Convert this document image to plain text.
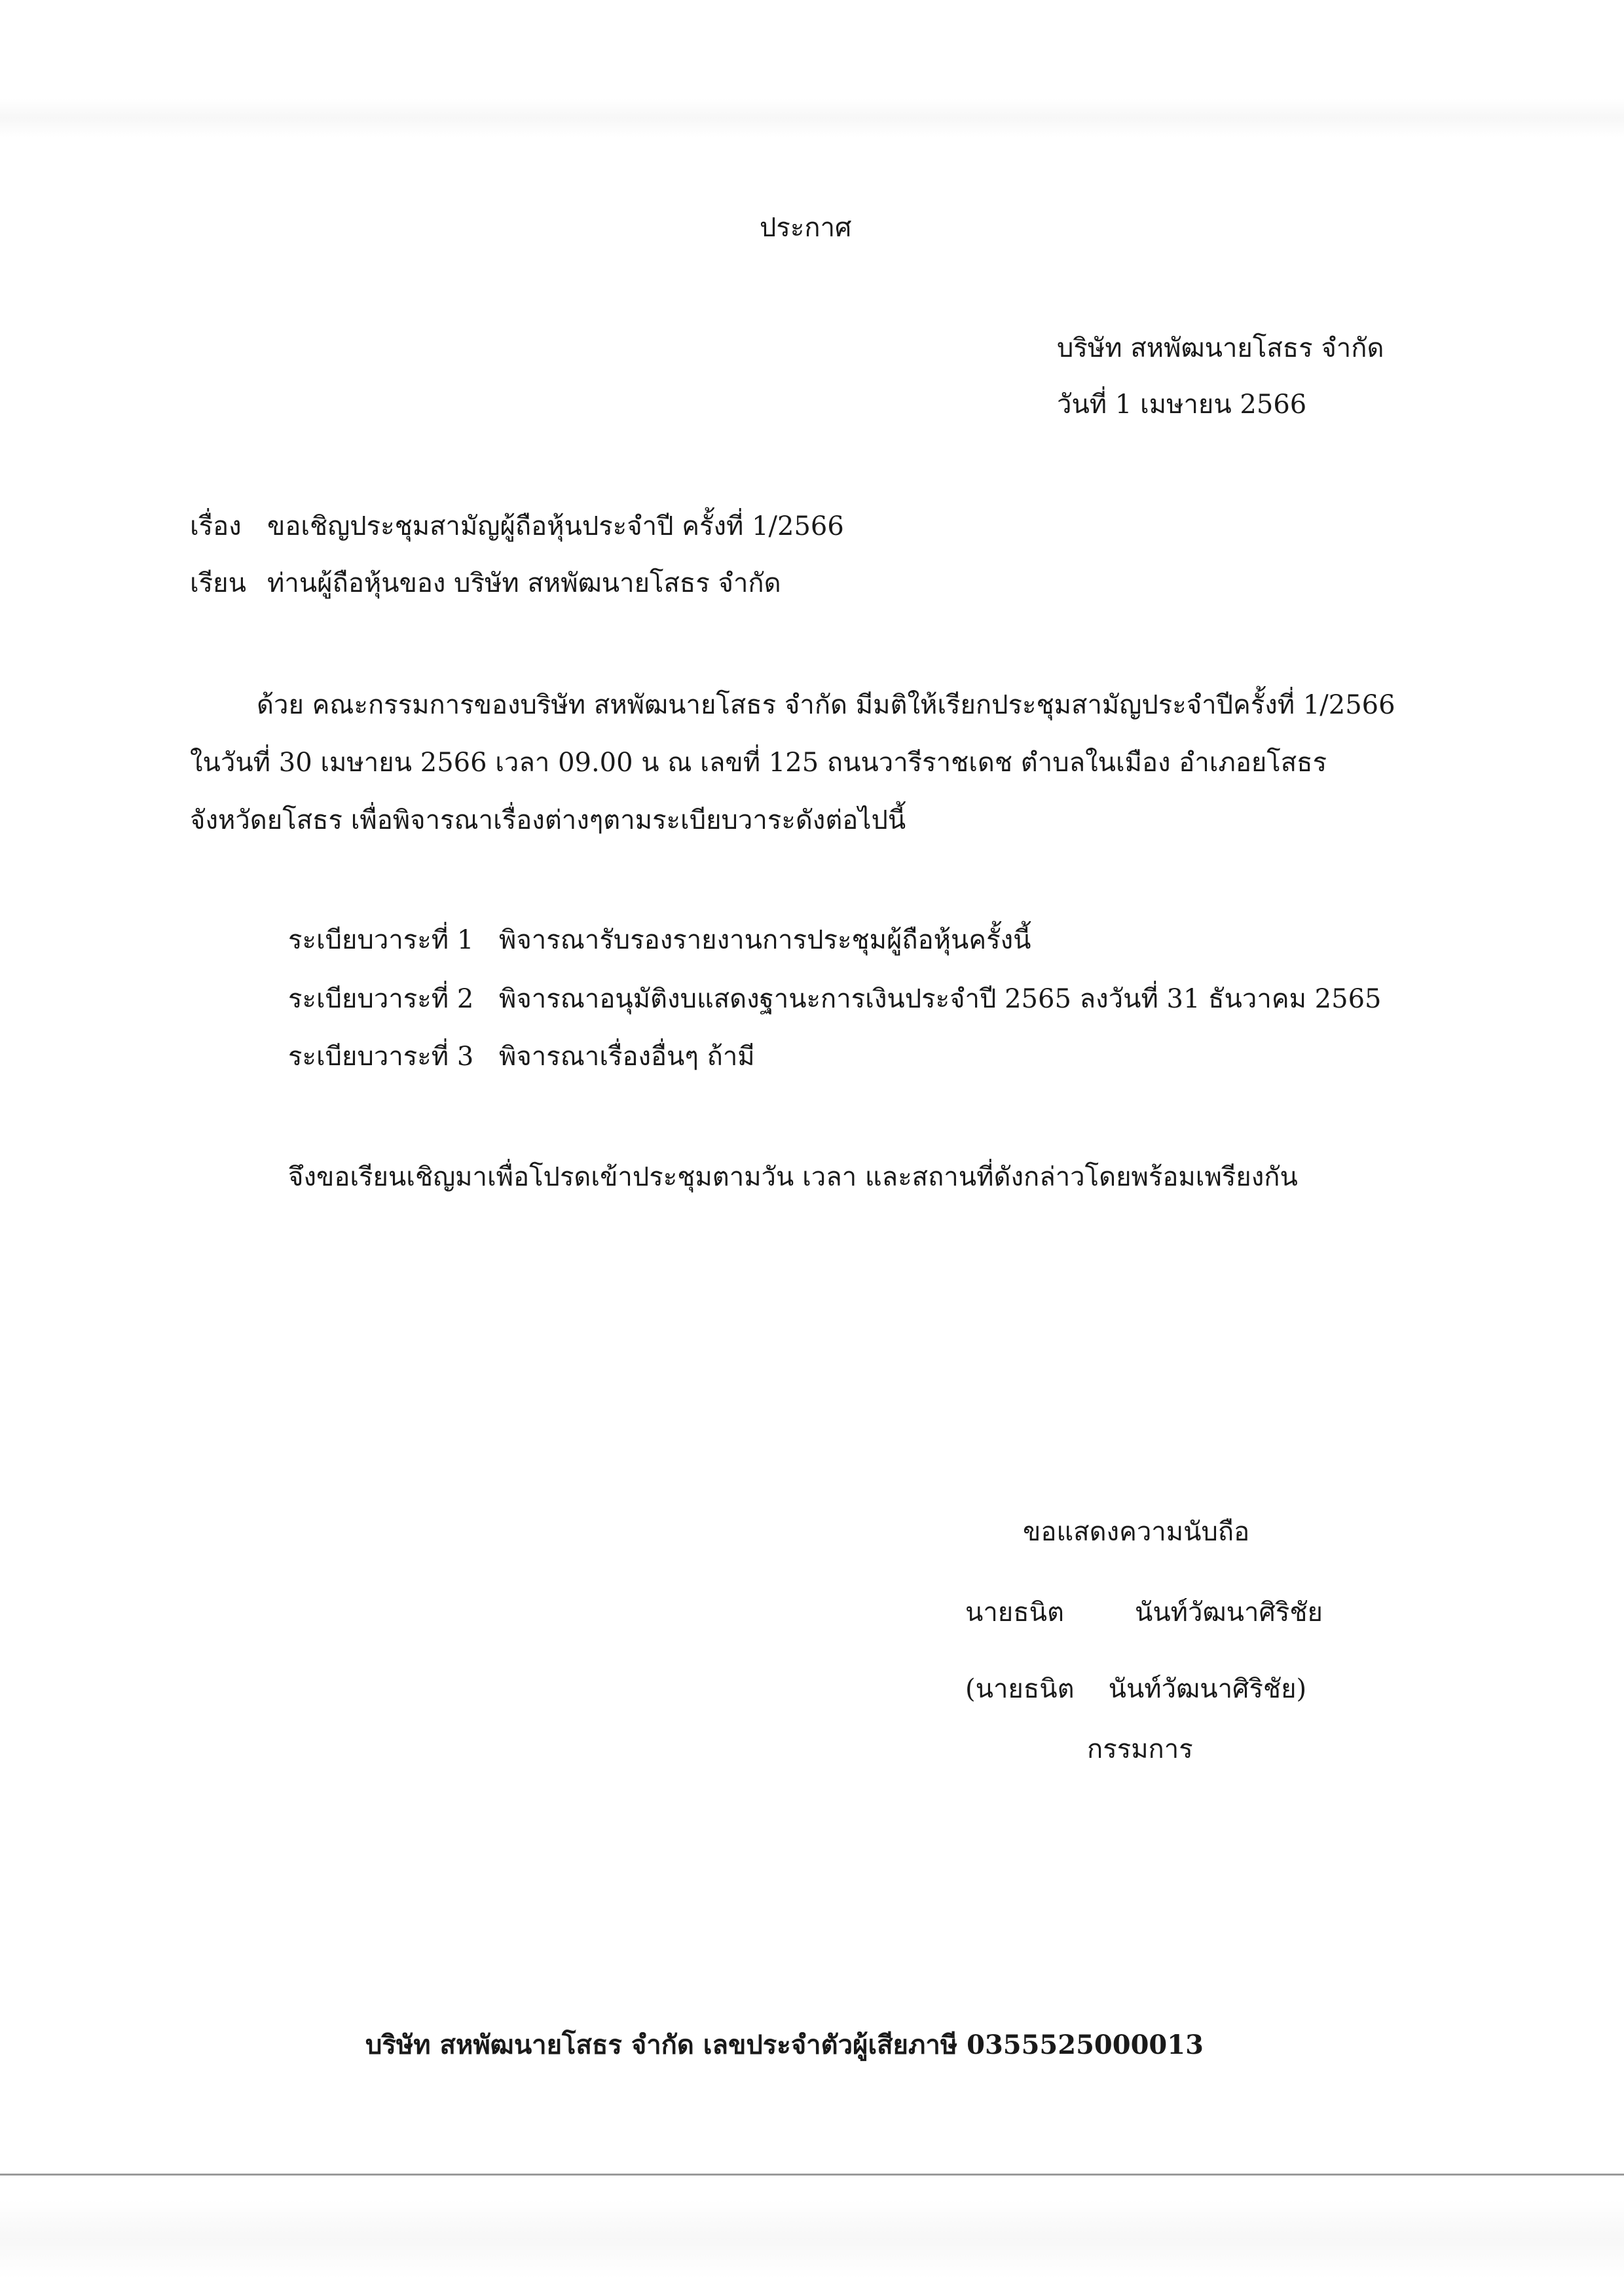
ประกาศ
บริษัท สหพัฒนายโสธร จำกัด
วันที่ 1 เมษายน 2566
เรื่อง ขอเชิญประชุมสามัญผู้ถือหุ้นประจำปี ครั้งที่ 1/2566
เรียน ท่านผู้ถือหุ้นของ บริษัท สหพัฒนายโสธร จำกัด
ด้วย คณะกรรมการของบริษัท สหพัฒนายโสธร จำกัด มีมติให้เรียกประชุมสามัญประจำปีครั้งที่ 1/2566
ในวันที่ 30 เมษายน 2566 เวลา 09.00 น ณ เลขที่ 125 ถนนวารีราชเดช ตำบลในเมือง อำเภอยโสธร
จังหวัดยโสธร เพื่อพิจารณาเรื่องต่างๆตามระเบียบวาระดังต่อไปนี้
ระเบียบวาระที่ 1 พิจารณารับรองรายงานการประชุมผู้ถือหุ้นครั้งนี้
ระเบียบวาระที่ 2 พิจารณาอนุมัติงบแสดงฐานะการเงินประจำปี 2565 ลงวันที่ 31 ธันวาคม 2565
ระเบียบวาระที่ 3 พิจารณาเรื่องอื่นๆ ถ้ามี
จึงขอเรียนเชิญมาเพื่อโปรดเข้าประชุมตามวัน เวลา และสถานที่ดังกล่าวโดยพร้อมเพรียงกัน
ขอแสดงความนับถือ
นายธนิต	นันท์วัฒนาศิริชัย
(นายธนิต นันท์วัฒนาศิริชัย)
กรรมการ
บริษัท สหพัฒนายโสธร จำกัด เลขประจำตัวผู้เสียภาษี 0355525000013
